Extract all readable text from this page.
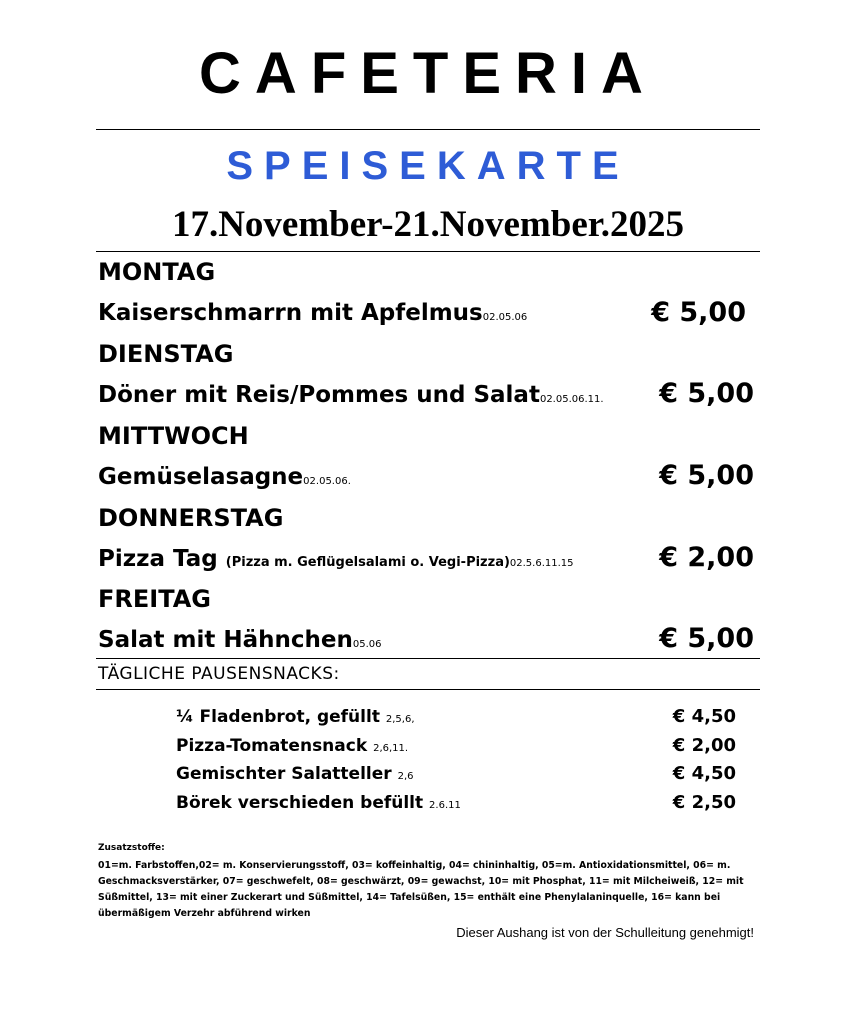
CAFETERIA
SPEISEKARTE
17.November-21.November.2025
MONTAG
Kaiserschmarrn mit Apfelmus02.05.06	€ 5,00
DIENSTAG
Döner mit Reis/Pommes und Salat02.05.06.11.	€ 5,00
MITTWOCH
Gemüselasagne02.05.06.	€ 5,00
DONNERSTAG
Pizza Tag (Pizza m. Geflügelsalami o. Vegi-Pizza)02.5.6.11.15	€ 2,00
FREITAG
Salat mit Hähnchen05.06	€ 5,00
TÄGLICHE PAUSENSNACKS:
¼ Fladenbrot, gefüllt 2,5,6,	€ 4,50
Pizza-Tomatensnack 2,6,11.	€ 2,00
Gemischter Salatteller 2,6	€ 4,50
Börek verschieden befüllt 2.6.11	€ 2,50
Zusatzstoffe:
01=m. Farbstoffen,02= m. Konservierungsstoff, 03= koffeinhaltig, 04= chininhaltig, 05=m. Antioxidationsmittel, 06= m. Geschmacksverstärker, 07= geschwefelt, 08= geschwärzt, 09= gewachst, 10= mit Phosphat, 11= mit Milcheiweiß, 12= mit Süßmittel, 13= mit einer Zuckerart und Süßmittel, 14= Tafelsüßen, 15= enthält eine Phenylalaninquelle, 16= kann bei übermäßigem Verzehr abführend wirken
Dieser Aushang ist von der Schulleitung genehmigt!
